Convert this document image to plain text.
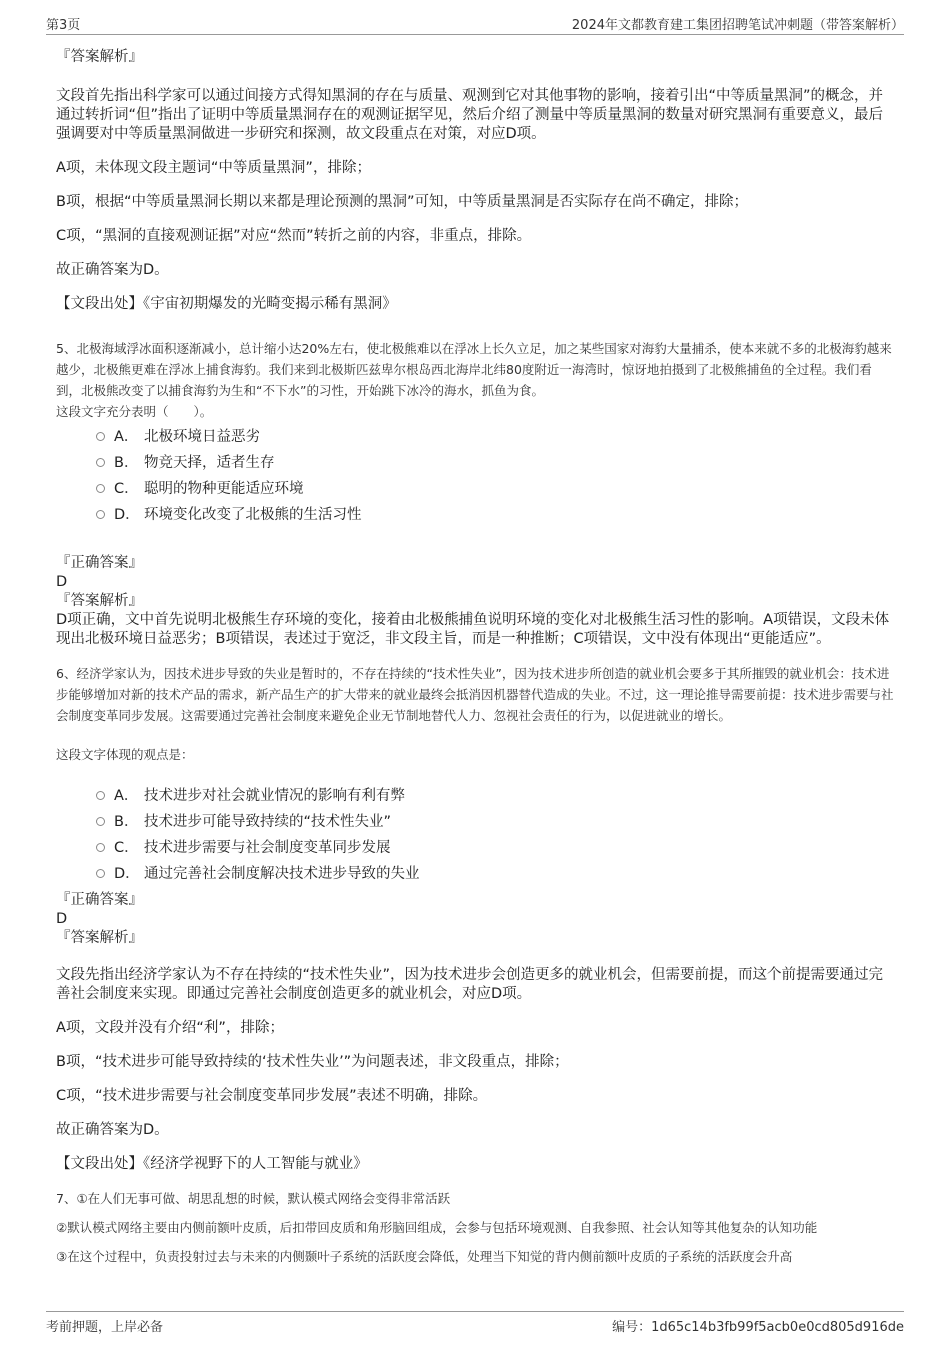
第3页	2024年文都教育建工集团招聘笔试冲刺题（带答案解析）

『答案解析』

文段首先指出科学家可以通过间接方式得知黑洞的存在与质量、观测到它对其他事物的影响，接着引出“中等质量黑洞”的概念，并通过转折词“但”指出了证明中等质量黑洞存在的观测证据罕见，然后介绍了测量中等质量黑洞的数量对研究黑洞有重要意义，最后强调要对中等质量黑洞做进一步研究和探测，故文段重点在对策，对应D项。

A项，未体现文段主题词“中等质量黑洞”，排除；

B项，根据“中等质量黑洞长期以来都是理论预测的黑洞”可知，中等质量黑洞是否实际存在尚不确定，排除；

C项，“黑洞的直接观测证据”对应“然而”转折之前的内容，非重点，排除。

故正确答案为D。

【文段出处】《宇宙初期爆发的光畸变揭示稀有黑洞》

5、北极海域浮冰面积逐渐减小，总计缩小达20%左右，使北极熊难以在浮冰上长久立足，加之某些国家对海豹大量捕杀，使本来就不多的北极海豹越来越少，北极熊更难在浮冰上捕食海豹。我们来到北极斯匹兹卑尔根岛西北海岸北纬80度附近一海湾时，惊讶地拍摄到了北极熊捕鱼的全过程。我们看到，北极熊改变了以捕食海豹为生和“不下水”的习性，开始跳下冰冷的海水，抓鱼为食。

这段文字充分表明（　　）。

A． 北极环境日益恶劣
B． 物竞天择，适者生存
C． 聪明的物种更能适应环境
D． 环境变化改变了北极熊的生活习性

『正确答案』

D

『答案解析』

D项正确，文中首先说明北极熊生存环境的变化，接着由北极熊捕鱼说明环境的变化对北极熊生活习性的影响。A项错误，文段未体现出北极环境日益恶劣；B项错误，表述过于宽泛，非文段主旨，而是一种推断；C项错误，文中没有体现出“更能适应”。

6、经济学家认为，因技术进步导致的失业是暂时的，不存在持续的“技术性失业”，因为技术进步所创造的就业机会要多于其所摧毁的就业机会：技术进步能够增加对新的技术产品的需求，新产品生产的扩大带来的就业最终会抵消因机器替代造成的失业。不过，这一理论推导需要前提：技术进步需要与社会制度变革同步发展。这需要通过完善社会制度来避免企业无节制地替代人力、忽视社会责任的行为，以促进就业的增长。

这段文字体现的观点是：

A． 技术进步对社会就业情况的影响有利有弊
B． 技术进步可能导致持续的“技术性失业”
C． 技术进步需要与社会制度变革同步发展
D． 通过完善社会制度解决技术进步导致的失业

『正确答案』

D

『答案解析』

文段先指出经济学家认为不存在持续的“技术性失业”，因为技术进步会创造更多的就业机会，但需要前提，而这个前提需要通过完善社会制度来实现。即通过完善社会制度创造更多的就业机会，对应D项。

A项，文段并没有介绍“利”，排除；

B项，“技术进步可能导致持续的‘技术性失业’”为问题表述，非文段重点，排除；

C项，“技术进步需要与社会制度变革同步发展”表述不明确，排除。

故正确答案为D。

【文段出处】《经济学视野下的人工智能与就业》

7、①在人们无事可做、胡思乱想的时候，默认模式网络会变得非常活跃

②默认模式网络主要由内侧前额叶皮质，后扣带回皮质和角形脑回组成，会参与包括环境观测、自我参照、社会认知等其他复杂的认知功能

③在这个过程中，负责投射过去与未来的内侧颞叶子系统的活跃度会降低，处理当下知觉的背内侧前额叶皮质的子系统的活跃度会升高

考前押题，上岸必备	编号：1d65c14b3fb99f5acb0e0cd805d916de
